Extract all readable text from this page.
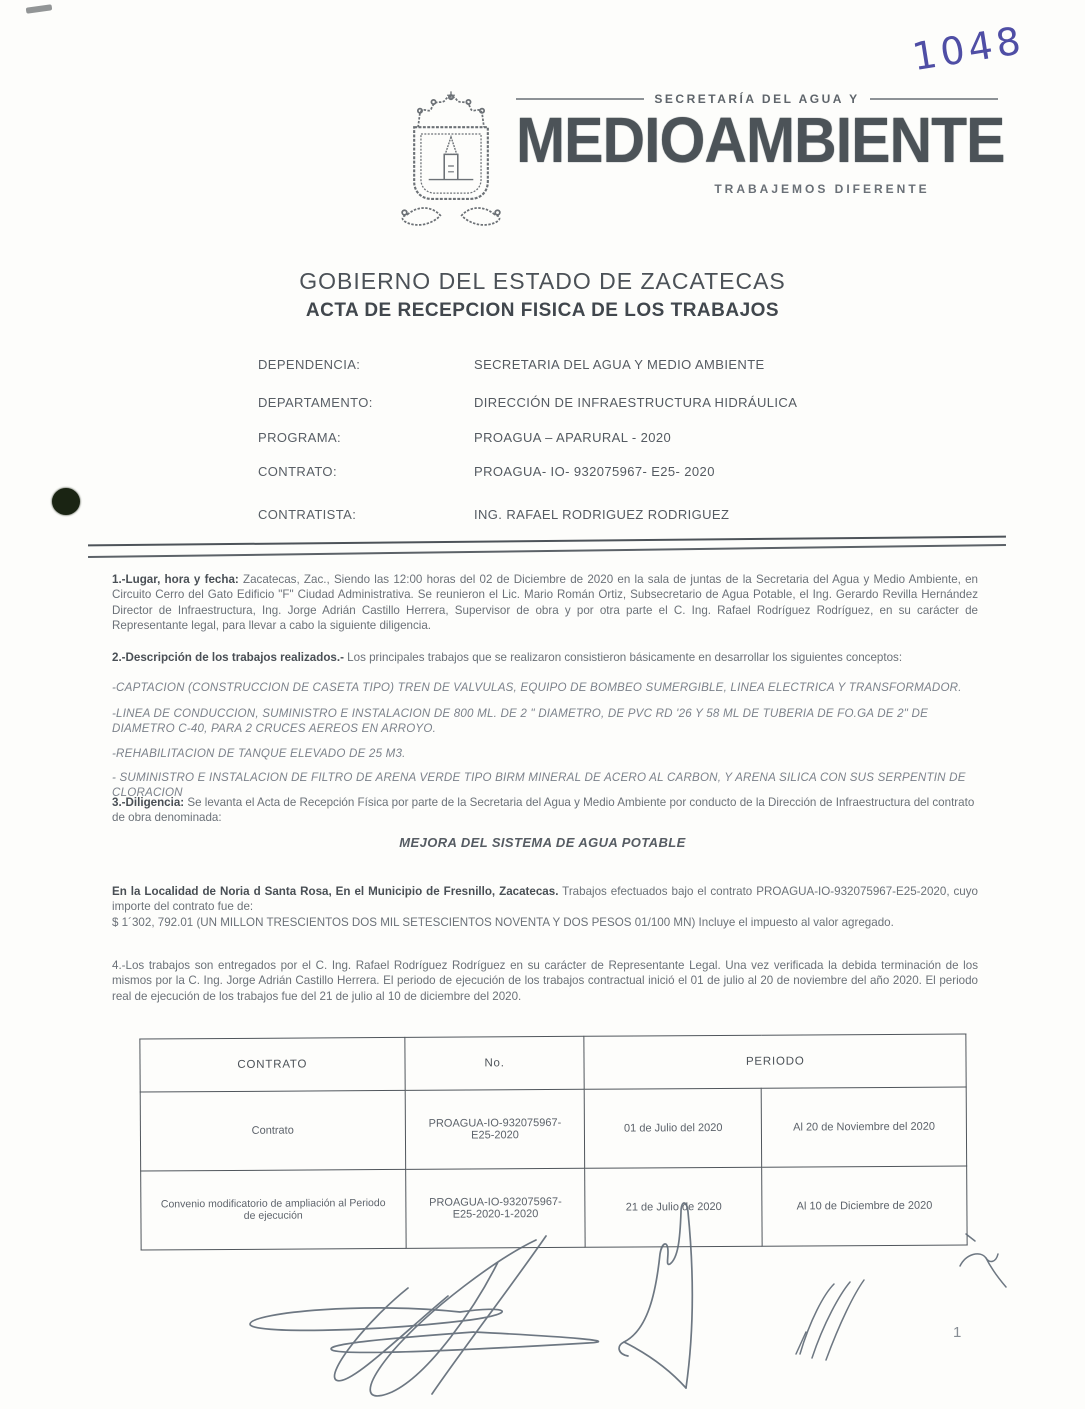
1048
SECRETARÍA DEL AGUA Y
MEDIOAMBIENTE
TRABAJEMOS DIFERENTE
GOBIERNO DEL ESTADO DE ZACATECAS
ACTA DE RECEPCION FISICA DE LOS TRABAJOS
DEPENDENCIA:	SECRETARIA DEL AGUA Y MEDIO AMBIENTE
DEPARTAMENTO:	DIRECCIÓN DE INFRAESTRUCTURA HIDRÁULICA
PROGRAMA:	PROAGUA – APARURAL - 2020
CONTRATO:	PROAGUA- IO- 932075967- E25- 2020
CONTRATISTA:	ING. RAFAEL RODRIGUEZ RODRIGUEZ
1.-Lugar, hora y fecha: Zacatecas, Zac., Siendo las 12:00 horas del 02 de Diciembre de 2020 en la sala de juntas de la Secretaria del Agua y Medio Ambiente, en Circuito Cerro del Gato Edificio "F" Ciudad Administrativa. Se reunieron el Lic. Mario Román Ortiz, Subsecretario de Agua Potable, el Ing. Gerardo Revilla Hernández Director de Infraestructura, Ing. Jorge Adrián Castillo Herrera, Supervisor de obra y por otra parte el C. Ing. Rafael Rodríguez Rodríguez, en su carácter de Representante legal, para llevar a cabo la siguiente diligencia.
2.-Descripción de los trabajos realizados.- Los principales trabajos que se realizaron consistieron básicamente en desarrollar los siguientes conceptos:
-CAPTACION (CONSTRUCCION DE CASETA TIPO) TREN DE VALVULAS, EQUIPO DE BOMBEO SUMERGIBLE, LINEA ELECTRICA Y TRANSFORMADOR.
-LINEA DE CONDUCCION, SUMINISTRO E INSTALACION DE 800 ML. DE 2 " DIAMETRO, DE PVC RD '26 Y 58 ML DE TUBERIA DE FO.GA DE 2" DE DIAMETRO C-40, PARA 2 CRUCES AEREOS EN ARROYO.
-REHABILITACION DE TANQUE ELEVADO DE 25 M3.
- SUMINISTRO E INSTALACION DE FILTRO DE ARENA VERDE TIPO BIRM MINERAL DE ACERO AL CARBON, Y ARENA SILICA CON SUS SERPENTIN DE CLORACION
3.-Diligencia: Se levanta el Acta de Recepción Física por parte de la Secretaria del Agua y Medio Ambiente por conducto de la Dirección de Infraestructura del contrato de obra denominada:
MEJORA DEL SISTEMA DE AGUA POTABLE
En la Localidad de Noria d Santa Rosa, En el Municipio de Fresnillo, Zacatecas. Trabajos efectuados bajo el contrato PROAGUA-IO-932075967-E25-2020, cuyo importe del contrato fue de:
$ 1´302, 792.01 (UN MILLON TRESCIENTOS DOS MIL SETESCIENTOS NOVENTA Y DOS PESOS 01/100 MN) Incluye el impuesto al valor agregado.
4.-Los trabajos son entregados por el C. Ing. Rafael Rodríguez Rodríguez en su carácter de Representante Legal. Una vez verificada la debida terminación de los mismos por la C. Ing. Jorge Adrián Castillo Herrera. El periodo de ejecución de los trabajos contractual inició el 01 de julio al 20 de noviembre del año 2020. El periodo real de ejecución de los trabajos fue del 21 de julio al 10 de diciembre del 2020.
CONTRATO	No.	PERIODO	
Contrato	PROAGUA-IO-932075967-E25-2020	01 de Julio del 2020	Al 20 de Noviembre del 2020
Convenio modificatorio de ampliación al Periodo de ejecución	PROAGUA-IO-932075967-E25-2020-1-2020	21 de Julio de 2020	Al 10 de Diciembre de 2020
1
